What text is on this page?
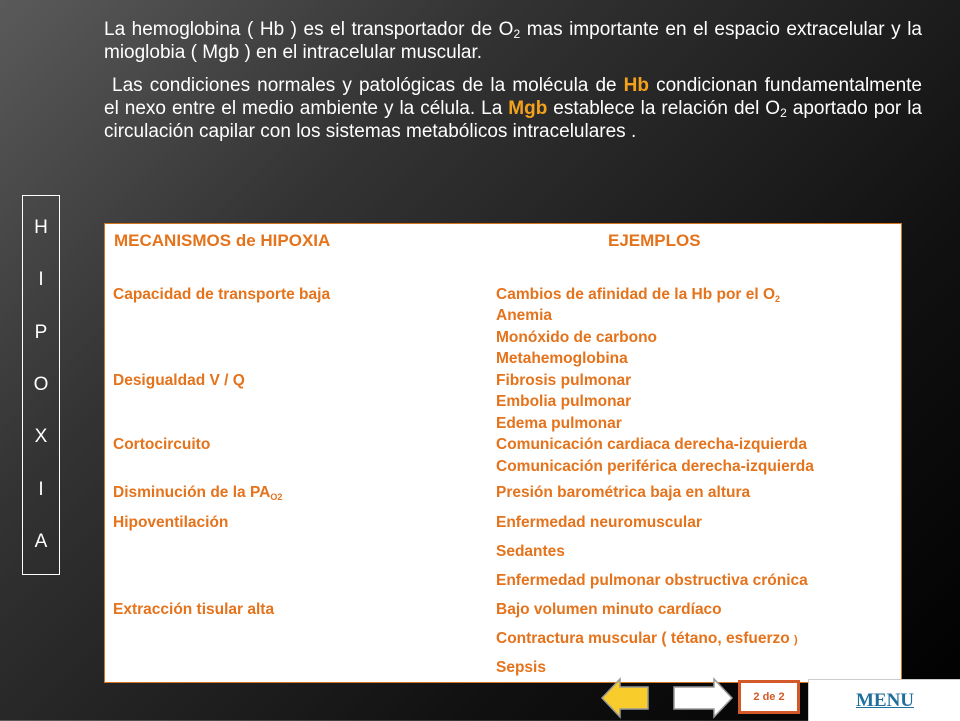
La hemoglobina ( Hb ) es el transportador de $O_2$ mas importante en el espacio extracelular y la mioglobia ( Mgb ) en el intracelular muscular.

Las condiciones normales y patológicas de la molécula de Hb condicionan fundamentalmente el nexo entre el medio ambiente y la célula. La Mgb establece la relación del $O_2$ aportado por la circulación capilar con los sistemas metabólicos intracelulares .

H
I
P
O
X
I
A
MECANISMOS de HIPOXIA	EJEMPLOS
Capacidad de transporte baja	Cambios de afinidad de la Hb por el O2
Anemia
Monóxido de carbono
Metahemoglobina
Desigualdad V / Q	Fibrosis pulmonar
Embolia pulmonar
Edema pulmonar
Cortocircuito	Comunicación cardiaca derecha-izquierda
Comunicación periférica derecha-izquierda
Disminución de la PAO2	Presión barométrica baja en altura
Hipoventilación	Enfermedad neuromuscular
Sedantes
Enfermedad pulmonar obstructiva crónica
Extracción tisular alta	Bajo volumen minuto cardíaco
Contractura muscular ( tétano, esfuerzo )
Sepsis
2 de 2	MENU
